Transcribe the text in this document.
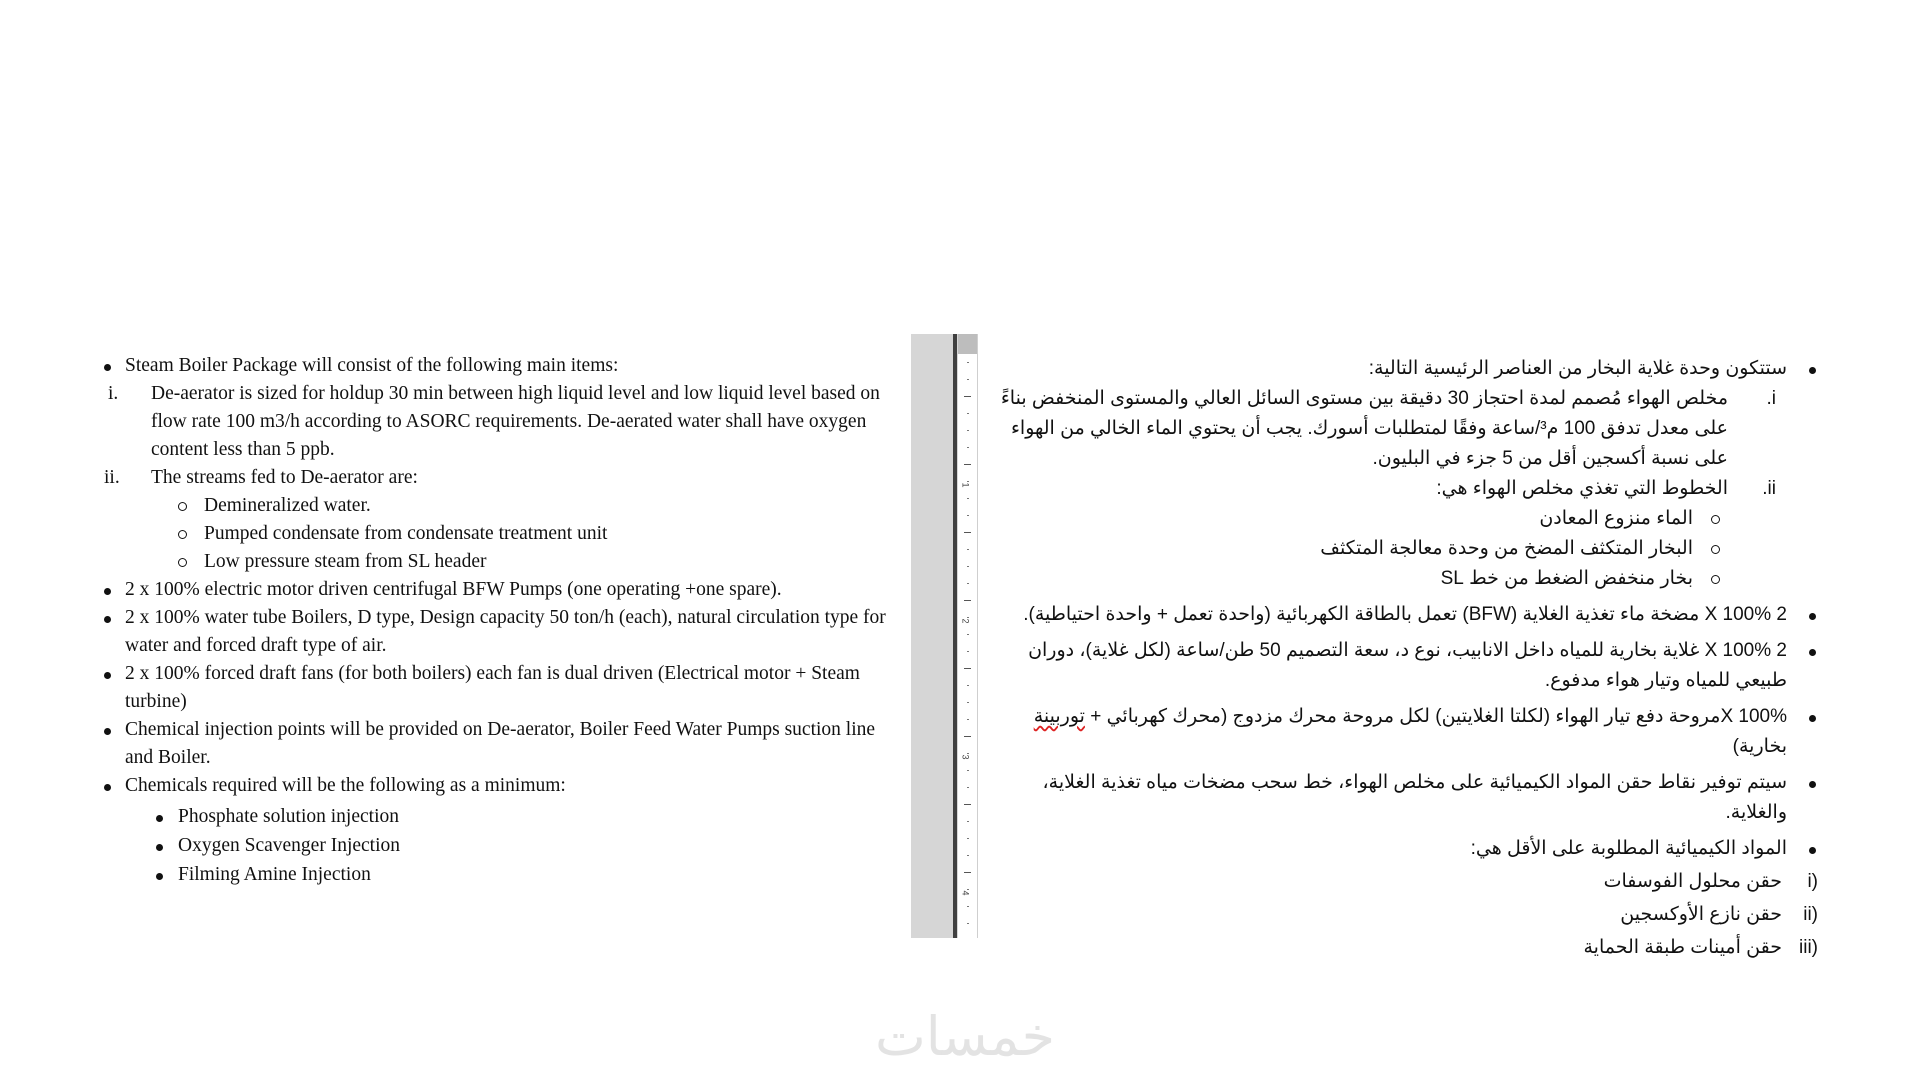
Steam Boiler Package will consist of the following main items:
i. De-aerator is sized for holdup 30 min between high liquid level and low liquid level based on flow rate 100 m3/h according to ASORC requirements. De-aerated water shall have oxygen content less than 5 ppb.
ii. The streams fed to De-aerator are:
Demineralized water.
Pumped condensate from condensate treatment unit
Low pressure steam from SL header
2 x 100% electric motor driven centrifugal BFW Pumps (one operating +one spare).
2 x 100% water tube Boilers, D type, Design capacity 50 ton/h (each), natural circulation type for water and forced draft type of air.
2 x 100% forced draft fans (for both boilers) each fan is dual driven (Electrical motor + Steam turbine)
Chemical injection points will be provided on De-aerator, Boiler Feed Water Pumps suction line and Boiler.
Chemicals required will be the following as a minimum:
Phosphate solution injection
Oxygen Scavenger Injection
Filming Amine Injection
1
2
3
4
ستتكون وحدة غلاية البخار من العناصر الرئيسية التالية:
i.
مخلص الهواء مُصمم لمدة احتجاز 30 دقيقة بين مستوى السائل العالي والمستوى المنخفض بناءً على معدل تدفق 100 م³/ساعة وفقًا لمتطلبات أسورك. يجب أن يحتوي الماء الخالي من الهواء على نسبة أكسجين أقل من 5 جزء في البليون.
ii.
الخطوط التي تغذي مخلص الهواء هي:
الماء منزوع المعادن
البخار المتكثف المضخ من وحدة معالجة المتكثف
بخار منخفض الضغط من خط SL
2 X 100% مضخة ماء تغذية الغلاية (BFW) تعمل بالطاقة الكهربائية (واحدة تعمل + واحدة احتياطية).
2 X 100% غلاية بخارية للمياه داخل الانابيب، نوع د، سعة التصميم 50 طن/ساعة (لكل غلاية)، دوران طبيعي للمياه وتيار هواء مدفوع.
X 100%مروحة دفع تيار الهواء (لكلتا الغلايتين) لكل مروحة محرك مزدوج (محرك كهربائي + توربينة بخارية)
سيتم توفير نقاط حقن المواد الكيميائية على مخلص الهواء، خط سحب مضخات مياه تغذية الغلاية، والغلاية.
المواد الكيميائية المطلوبة على الأقل هي:
(i
حقن محلول الفوسفات
(ii
حقن نازع الأوكسجين
(iii
حقن أمينات طبقة الحماية
خمسات
